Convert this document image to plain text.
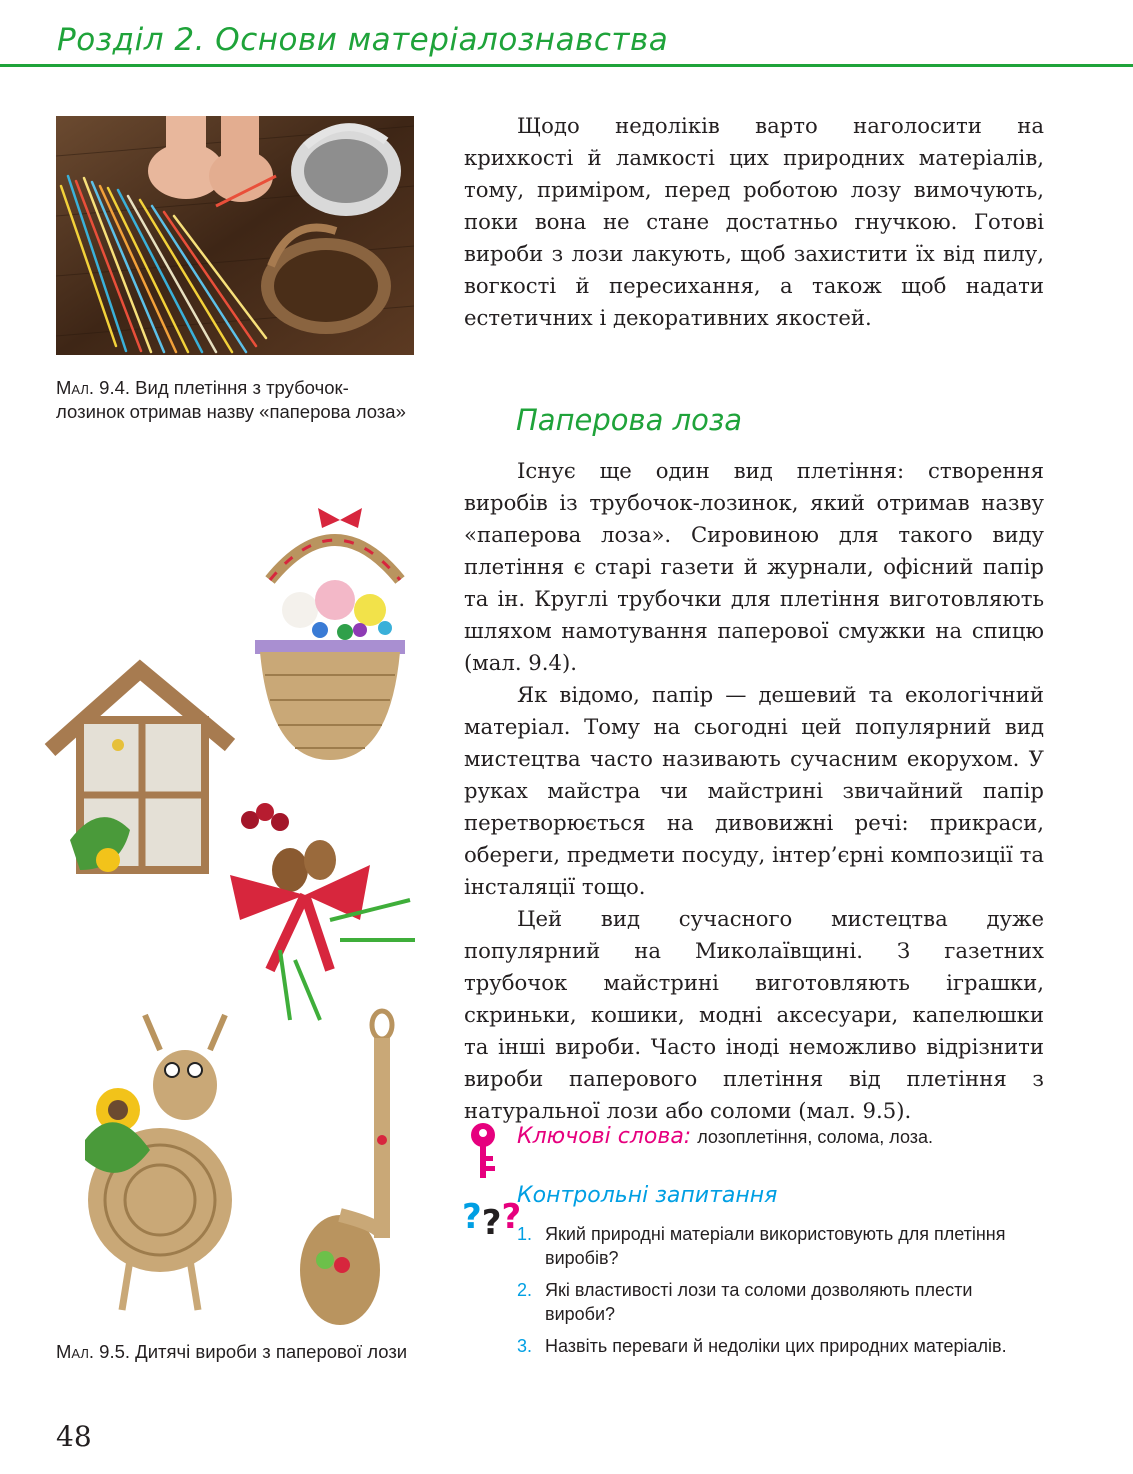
Розділ 2. Основи матеріалознавства
Мал. 9.4. Вид плетіння з трубочок-лозинок отримав назву «паперова лоза»
Мал. 9.5. Дитячі вироби з паперової лози

Щодо недоліків варто наголосити на крихкості й ламкості цих природних матеріалів, тому, приміром, перед роботою лозу вимочують, поки вона не стане достатньо гнучкою. Готові вироби з лози лакують, щоб захистити їх від пилу, вогкості й пересихання, а також щоб надати естетичних і декоративних якостей.

Паперова лоза

Існує ще один вид плетіння: створення виробів із трубочок-лозинок, який отримав назву «паперова лоза». Сировиною для такого виду плетіння є старі газети й журнали, офісний папір та ін. Круглі трубочки для плетіння виготовляють шляхом намотування паперової смужки на спицю (мал. 9.4).

Як відомо, папір — дешевий та екологічний матеріал. Тому на сьогодні цей популярний вид мистецтва часто називають сучасним екорухом. У руках майстра чи майстрині звичайний папір перетворюється на дивовижні речі: прикраси, обереги, предмети посуду, інтер’єрні композиції та інсталяції тощо.

Цей вид сучасного мистецтва дуже популярний на Миколаївщині. З газетних трубочок майстрині виготовляють іграшки, скриньки, кошики, модні аксесуари, капелюшки та інші вироби. Часто іноді неможливо відрізнити вироби паперового плетіння від плетіння з натуральної лози або соломи (мал. 9.5).

Ключові слова: лозоплетіння, солома, лоза.
???
Контрольні запитання
1. Який природні матеріали використовують для плетіння виробів?
2. Які властивості лози та соломи дозволяють плести вироби?
3. Назвіть переваги й недоліки цих природних матеріалів.
48
